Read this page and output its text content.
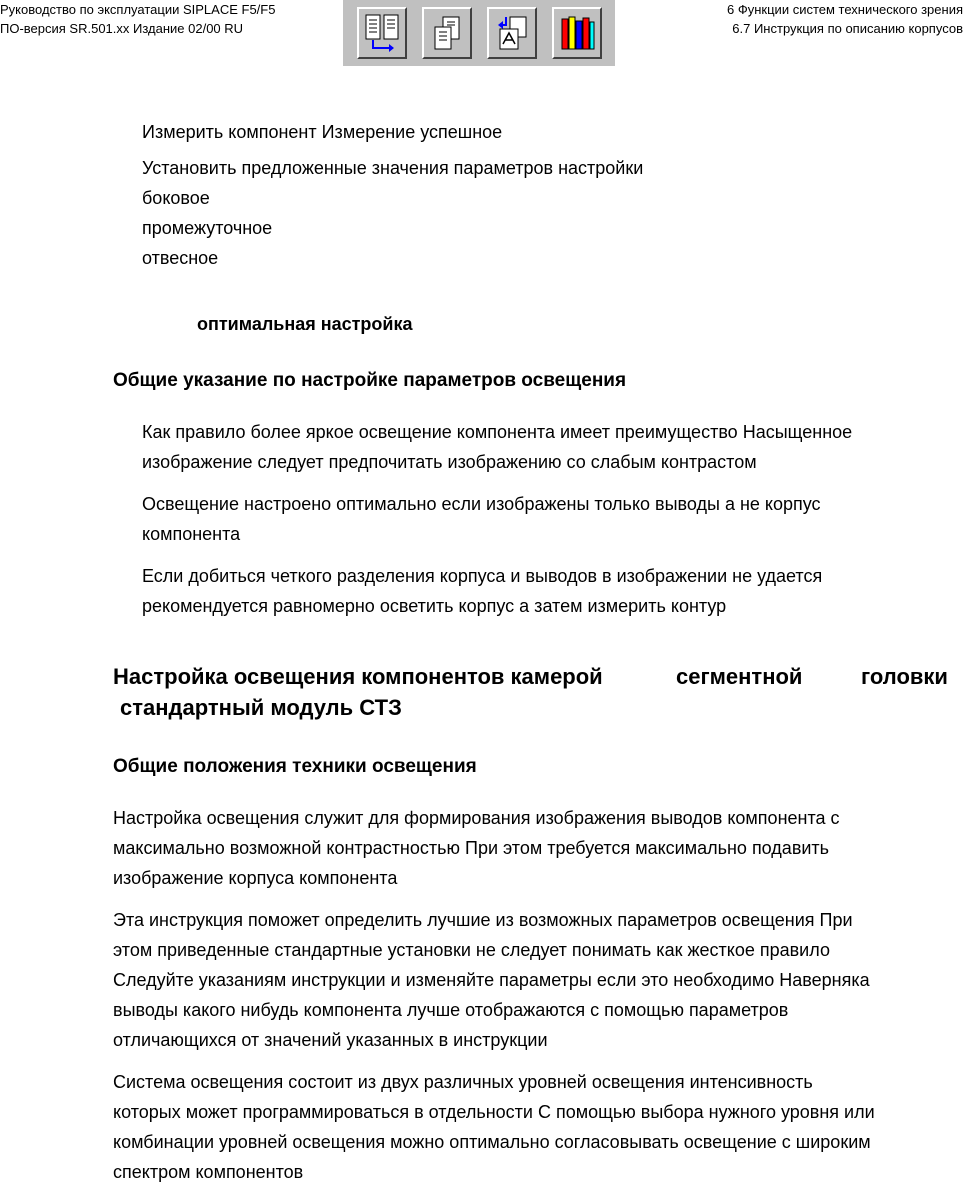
Руководство по эксплуатации SIPLACE F5/F5
ПО-версия SR.501.xx Издание 02/00 RU
6 Функции систем технического зрения
6.7 Инструкция по описанию корпусов
Измерить компонент Измерение успешное
Установить предложенные значения параметров настройки
боковое
промежуточное
отвесное
оптимальная настройка
Общие указание по настройке параметров освещения
Как правило более яркое освещение компонента имеет преимущество Насыщенное
изображение следует предпочитать изображению со слабым контрастом
Освещение настроено оптимально если изображены только выводы а не корпус
компонента
Если добиться четкого разделения корпуса и выводов в изображении не удается
рекомендуется равномерно осветить корпус а затем измерить контур
Настройка освещения компонентов камерой	сегментной	головки
стандартный модуль СТЗ
Общие положения техники освещения
Настройка освещения служит для формирования изображения выводов компонента с
максимально возможной контрастностью При этом требуется максимально подавить
изображение корпуса компонента
Эта инструкция поможет определить лучшие из возможных параметров освещения При
этом приведенные стандартные установки не следует понимать как жесткое правило
Следуйте указаниям инструкции и изменяйте параметры если это необходимо Наверняка
выводы какого нибудь компонента лучше отображаются с помощью параметров
отличающихся от значений указанных в инструкции
Система освещения состоит из двух различных уровней освещения интенсивность
которых может программироваться в отдельности С помощью выбора нужного уровня или
комбинации уровней освещения можно оптимально согласовывать освещение с широким
спектром компонентов
